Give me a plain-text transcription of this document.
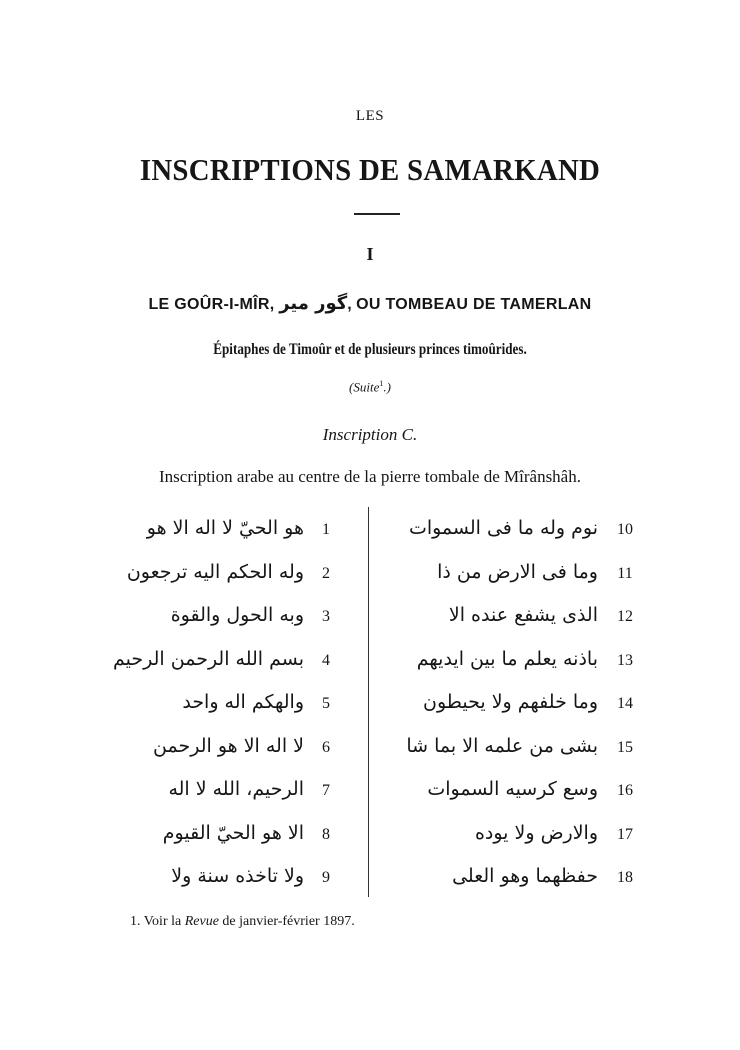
LES
INSCRIPTIONS DE SAMARKAND
I
LE GOÛR-I-MÎR, گور مير, OU TOMBEAU DE TAMERLAN
Épitaphes de Timoûr et de plusieurs princes timoûrides.
(Suite$^1$.)
Inscription C.
Inscription arabe au centre de la pierre tombale de Mîrânshâh.
هو الحيّ لا اله الا هو	1
وله الحكم اليه ترجعون	2
وبه الحول والقوة	3
بسم الله الرحمن الرحيم	4
والهكم اله واحد	5
لا اله الا هو الرحمن	6
الرحيم، الله لا اله	7
الا هو الحيّ القيوم	8
ولا تاخذه سنة ولا	9
نوم وله ما فى السموات	10
وما فى الارض من ذا	11
الذى يشفع عنده الا	12
باذنه يعلم ما بين ايديهم	13
وما خلفهم ولا يحيطون	14
بشى من علمه الا بما شا	15
وسع كرسيه السموات	16
والارض ولا يوده	17
حفظهما وهو العلى	18
1. Voir la Revue de janvier-février 1897.
